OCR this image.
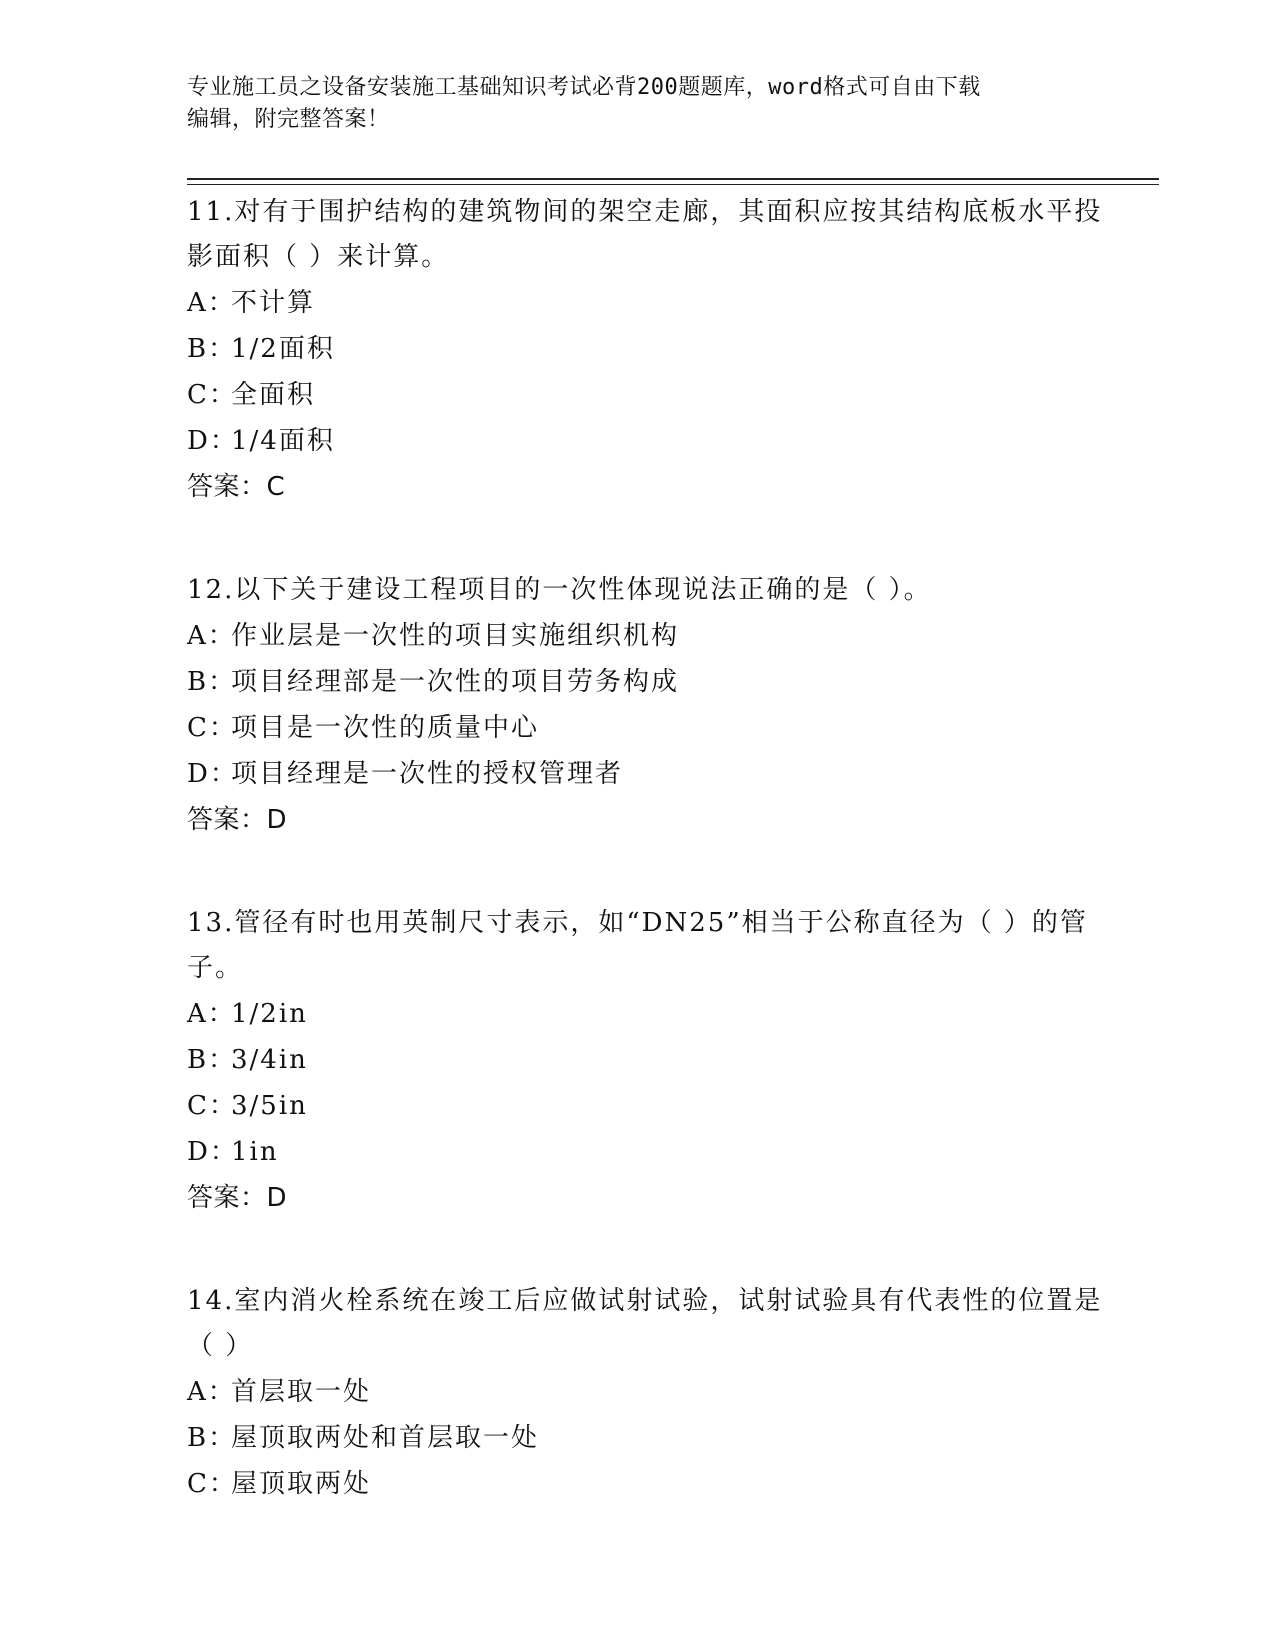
专业施工员之设备安装施工基础知识考试必背200题题库，word格式可自由下载
编辑，附完整答案！
11.对有于围护结构的建筑物间的架空走廊，其面积应按其结构底板水平投影面积（ ）来计算。
A：不计算
B：1/2面积
C：全面积
D：1/4面积
答案：C
12.以下关于建设工程项目的一次性体现说法正确的是（ ）。
A：作业层是一次性的项目实施组织机构
B：项目经理部是一次性的项目劳务构成
C：项目是一次性的质量中心
D：项目经理是一次性的授权管理者
答案：D
13.管径有时也用英制尺寸表示，如“DN25”相当于公称直径为（ ）的管子。
A：1/2in
B：3/4in
C：3/5in
D：1in
答案：D
14.室内消火栓系统在竣工后应做试射试验，试射试验具有代表性的位置是（ ）
A：首层取一处
B：屋顶取两处和首层取一处
C：屋顶取两处
